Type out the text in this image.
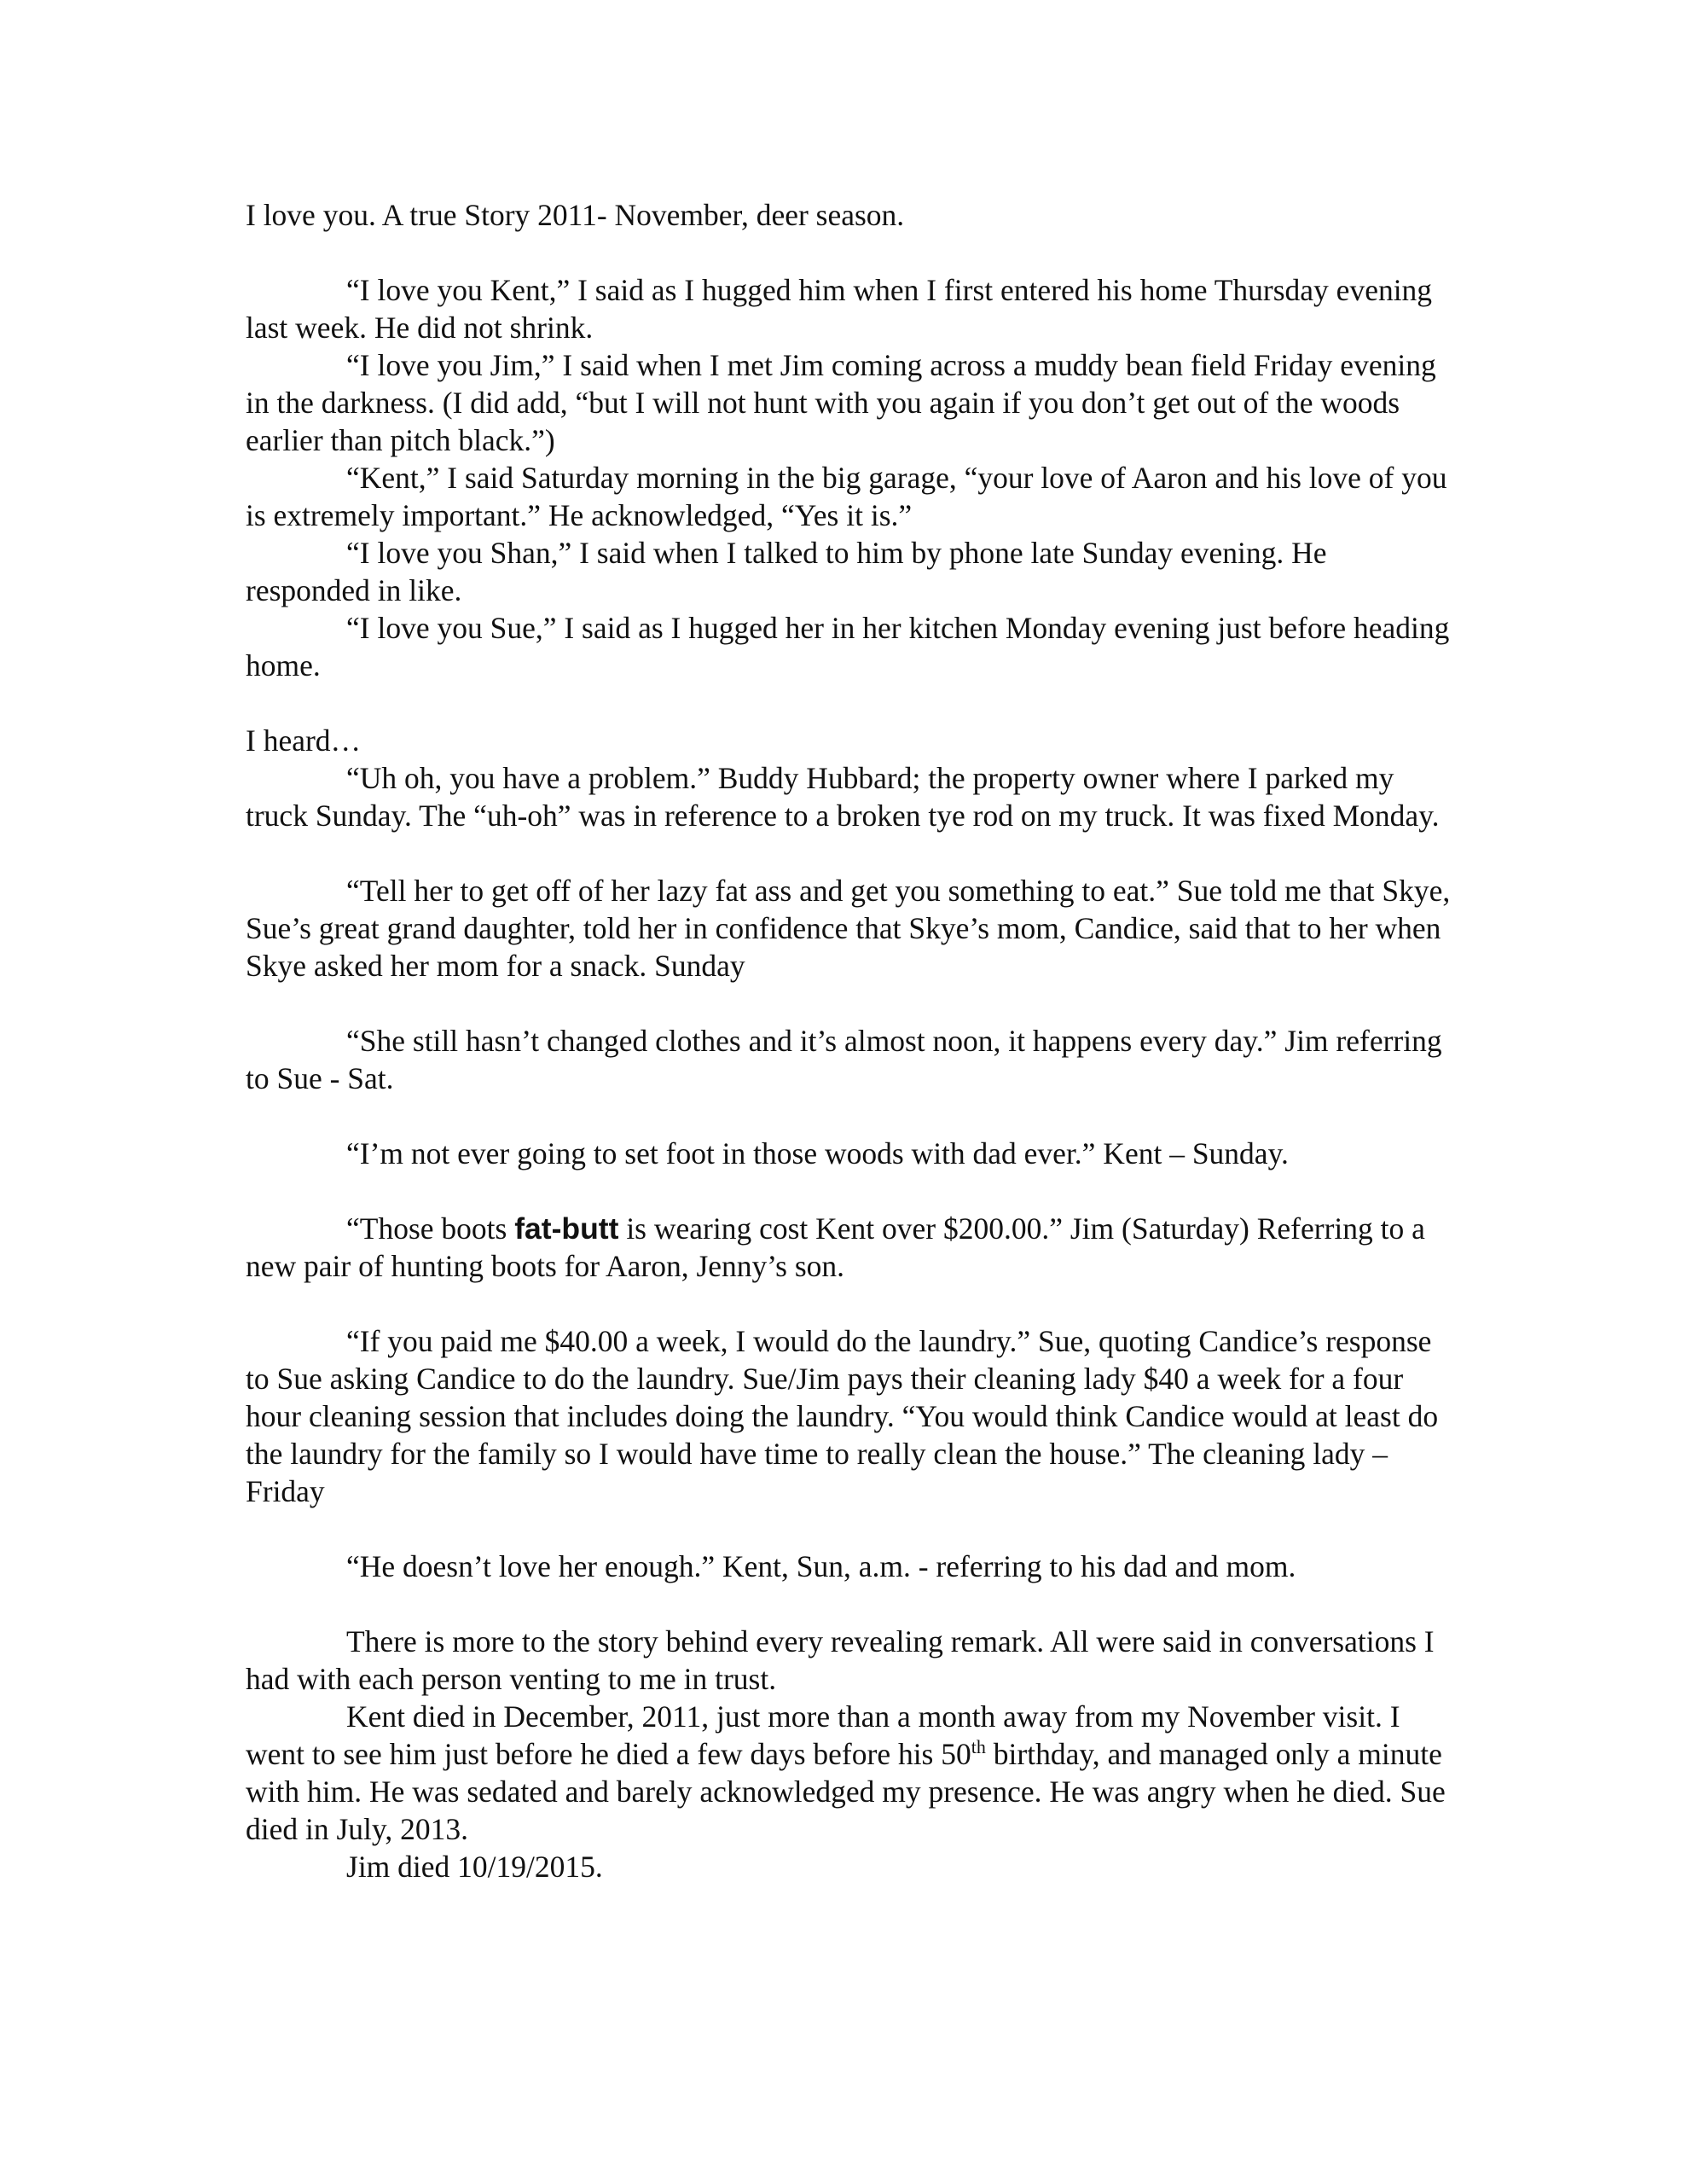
I love you. A true Story 2011- November, deer season.

“I love you Kent,” I said as I hugged him when I first entered his home Thursday evening last week. He did not shrink.

“I love you Jim,” I said when I met Jim coming across a muddy bean field Friday evening in the darkness. (I did add, “but I will not hunt with you again if you don’t get out of the woods earlier than pitch black.”)

“Kent,” I said Saturday morning in the big garage, “your love of Aaron and his love of you is extremely important.” He acknowledged, “Yes it is.”

“I love you Shan,” I said when I talked to him by phone late Sunday evening. He responded in like.

“I love you Sue,” I said as I hugged her in her kitchen Monday evening just before heading home.

I heard…

“Uh oh, you have a problem.” Buddy Hubbard; the property owner where I parked my truck Sunday. The “uh-oh” was in reference to a broken tye rod on my truck. It was fixed Monday.

“Tell her to get off of her lazy fat ass and get you something to eat.” Sue told me that Skye, Sue’s great grand daughter, told her in confidence that Skye’s mom, Candice, said that to her when Skye asked her mom for a snack. Sunday

“She still hasn’t changed clothes and it’s almost noon, it happens every day.” Jim referring to Sue - Sat.

“I’m not ever going to set foot in those woods with dad ever.” Kent – Sunday.

“Those boots fat-butt is wearing cost Kent over $200.00.” Jim (Saturday) Referring to a new pair of hunting boots for Aaron, Jenny’s son.

“If you paid me $40.00 a week, I would do the laundry.” Sue, quoting Candice’s response to Sue asking Candice to do the laundry. Sue/Jim pays their cleaning lady $40 a week for a four hour cleaning session that includes doing the laundry. “You would think Candice would at least do the laundry for the family so I would have time to really clean the house.” The cleaning lady – Friday

“He doesn’t love her enough.” Kent, Sun, a.m. - referring to his dad and mom.

There is more to the story behind every revealing remark. All were said in conversations I had with each person venting to me in trust.

Kent died in December, 2011, just more than a month away from my November visit. I went to see him just before he died a few days before his 50th birthday, and managed only a minute with him. He was sedated and barely acknowledged my presence. He was angry when he died. Sue died in July, 2013.

Jim died 10/19/2015.
